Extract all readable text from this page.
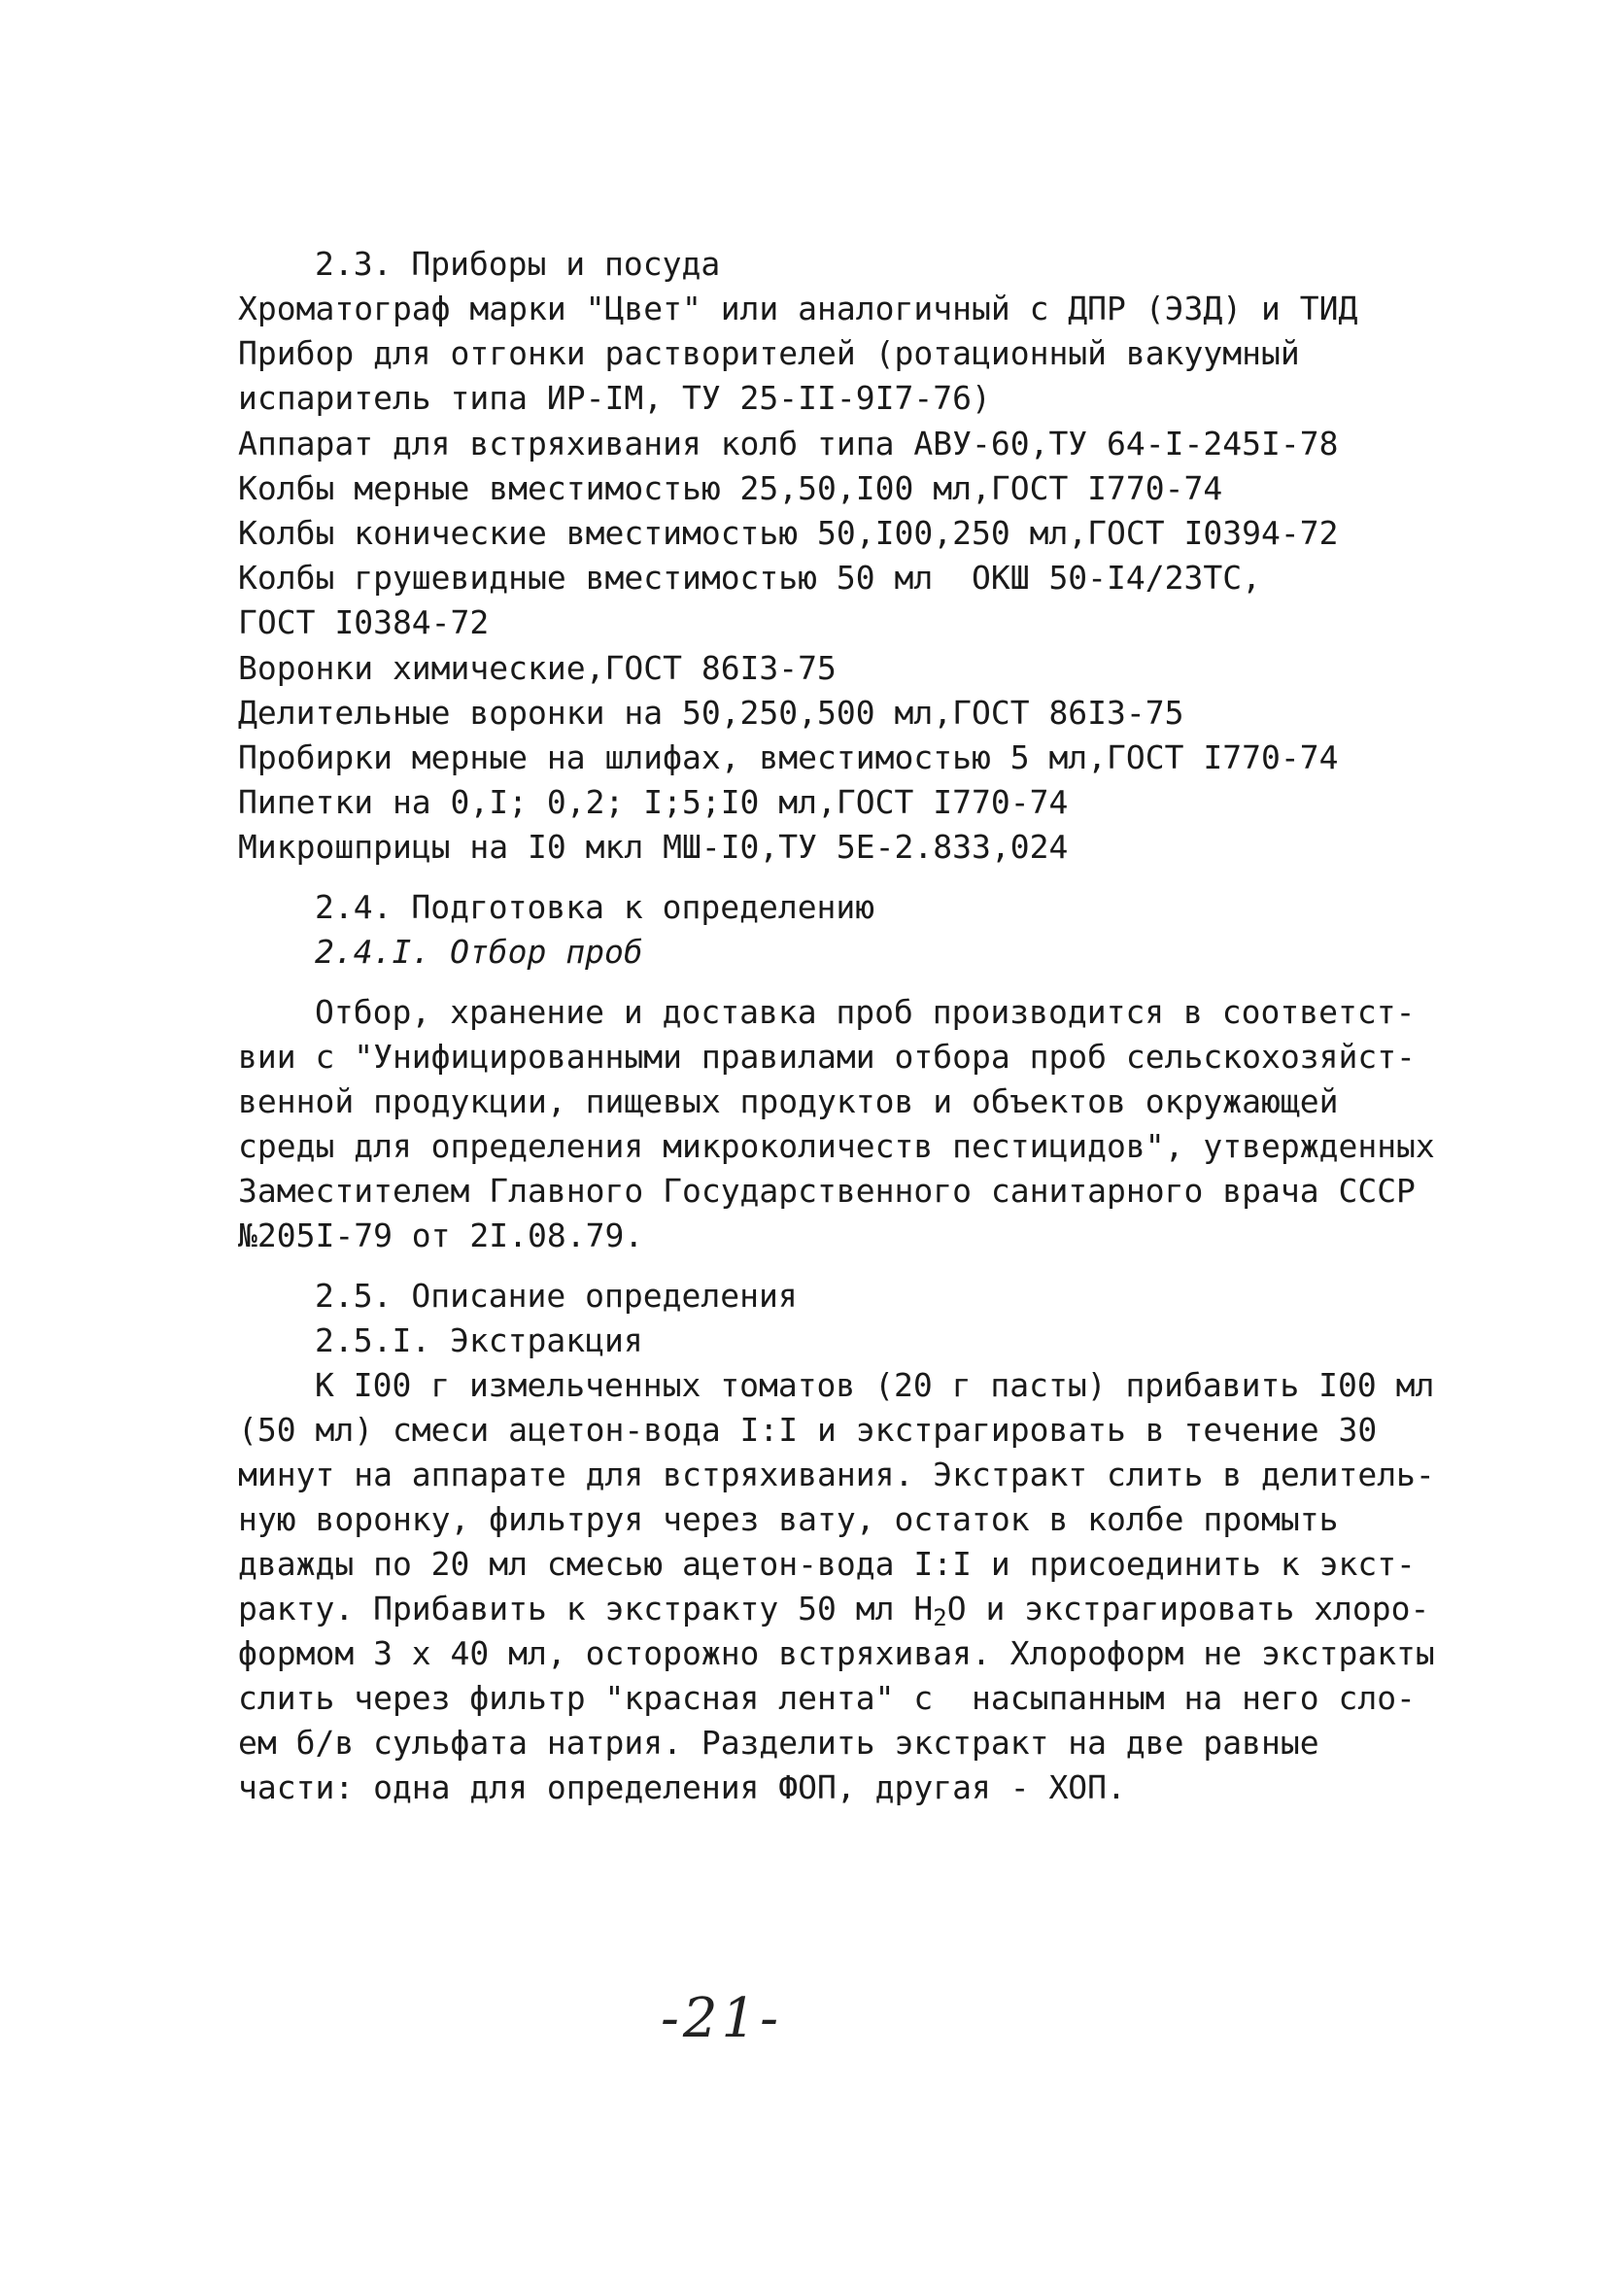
2.3. Приборы и посуда
Хроматограф марки "Цвет" или аналогичный с ДПР (ЭЗД) и ТИД
Прибор для отгонки растворителей (ротационный вакуумный
испаритель типа ИР-IМ, ТУ 25-II-9I7-76)
Аппарат для встряхивания колб типа АВУ-60,ТУ 64-I-245I-78
Колбы мерные вместимостью 25,50,I00 мл,ГОСТ I770-74
Колбы конические вместимостью 50,I00,250 мл,ГОСТ I0394-72
Колбы грушевидные вместимостью 50 мл  ОКШ 50-I4/23ТС,
ГОСТ I0384-72
Воронки химические,ГОСТ 86I3-75
Делительные воронки на 50,250,500 мл,ГОСТ 86I3-75
Пробирки мерные на шлифах, вместимостью 5 мл,ГОСТ I770-74
Пипетки на 0,I; 0,2; I;5;I0 мл,ГОСТ I770-74
Микрошприцы на I0 мкл МШ-I0,ТУ 5Е-2.833,024
2.4. Подготовка к определению
2.4.I. Отбор проб
Отбор, хранение и доставка проб производится в соответст-
вии с "Унифицированными правилами отбора проб сельскохозяйст-
венной продукции, пищевых продуктов и объектов окружающей
среды для определения микроколичеств пестицидов", утвержденных
Заместителем Главного Государственного санитарного врача СССР
№205I-79 от 2I.08.79.
2.5. Описание определения
2.5.I. Экстракция
К I00 г измельченных томатов (20 г пасты) прибавить I00 мл
(50 мл) смеси ацетон-вода I:I и экстрагировать в течение 30
минут на аппарате для встряхивания. Экстракт слить в делитель-
ную воронку, фильтруя через вату, остаток в колбе промыть
дважды по 20 мл смесью ацетон-вода I:I и присоединить к экст-
ракту. Прибавить к экстракту 50 мл $H_2O$ и экстрагировать хлоро-
формом 3 x 40 мл, осторожно встряхивая. Хлороформ не экстракты
слить через фильтр "красная лента" с  насыпанным на него сло-
ем б/в сульфата натрия. Разделить экстракт на две равные
части: одна для определения ФОП, другая - ХОП.
-21-
